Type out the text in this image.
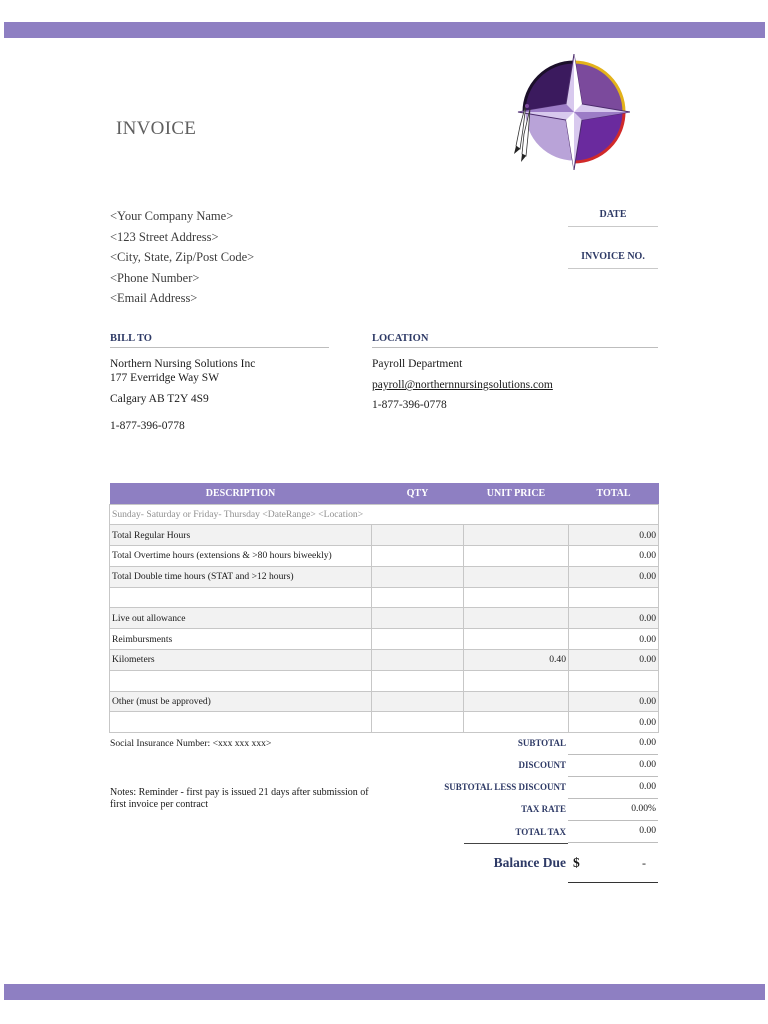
INVOICE
<Your Company Name>
<123 Street Address>
<City, State, Zip/Post Code>
<Phone Number>
<Email Address>
DATE
INVOICE NO.
BILL TO	LOCATION
Northern Nursing Solutions Inc
177 Everridge Way SW
Calgary AB T2Y 4S9
1-877-396-0778
Payroll Department
payroll@northernnursingsolutions.com
1-877-396-0778
DESCRIPTION	QTY	UNIT PRICE	TOTAL
Sunday- Saturday or Friday- Thursday <DateRange> <Location>			
Total Regular Hours			0.00
Total Overtime hours (extensions & >80 hours biweekly)			0.00
Total Double time hours (STAT and >12 hours)			0.00

Live out allowance			0.00
Reimbursments			0.00
Kilometers		0.40	0.00

Other (must be approved)			0.00
			0.00
Social Insurance Number: <xxx xxx xxx>
Notes: Reminder - first pay is issued 21 days after submission of first invoice per contract
SUBTOTAL	0.00
DISCOUNT	0.00
SUBTOTAL LESS DISCOUNT	0.00
TAX RATE	0.00%
TOTAL TAX	0.00
Balance Due $	-
